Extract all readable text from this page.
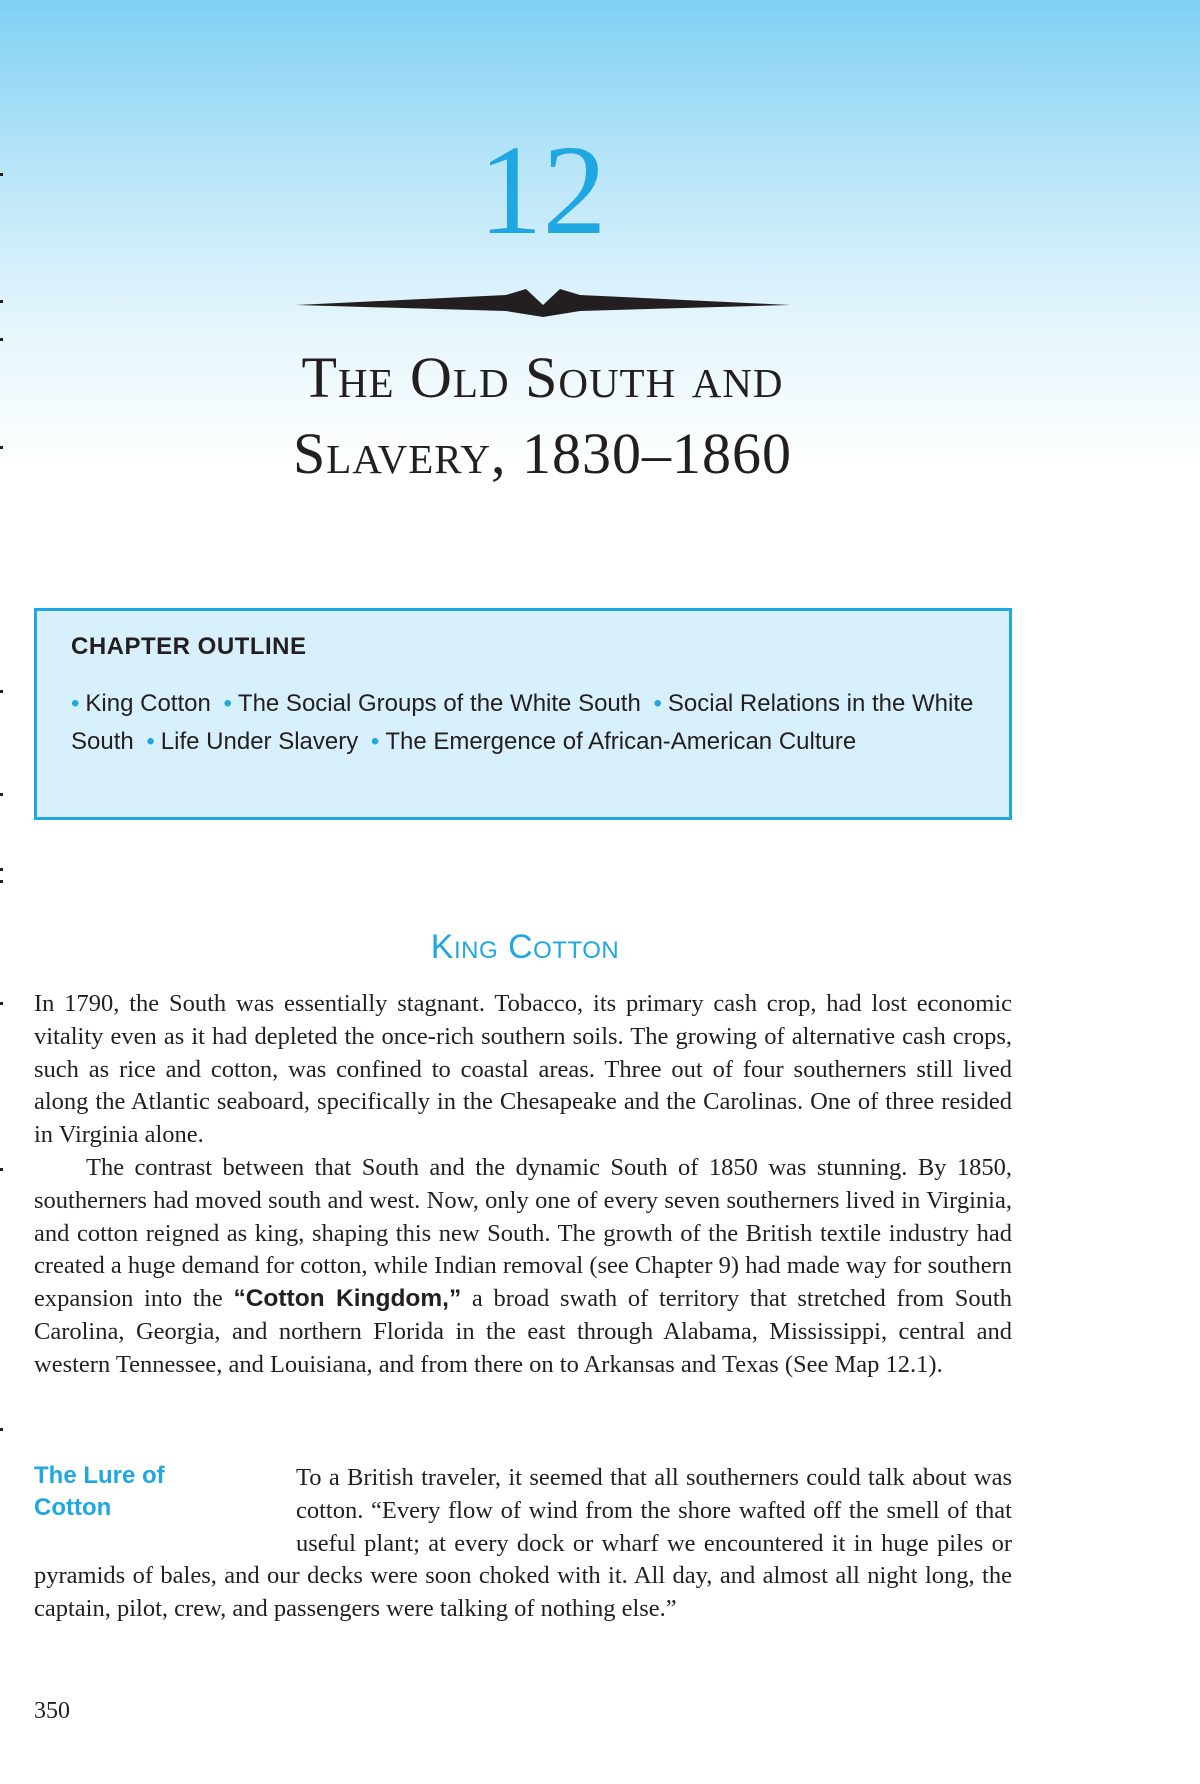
12
The Old South and
Slavery, 1830–1860
CHAPTER OUTLINE
• King Cotton • The Social Groups of the White South • Social Relations in the White South • Life Under Slavery • The Emergence of African-American Culture
King Cotton

In 1790, the South was essentially stagnant. Tobacco, its primary cash crop, had lost economic vitality even as it had depleted the once-rich southern soils. The growing of alternative cash crops, such as rice and cotton, was confined to coastal areas. Three out of four southerners still lived along the Atlantic seaboard, specifically in the Chesapeake and the Carolinas. One of three resided in Virginia alone.

The contrast between that South and the dynamic South of 1850 was stunning. By 1850, southerners had moved south and west. Now, only one of every seven southerners lived in Virginia, and cotton reigned as king, shaping this new South. The growth of the British textile industry had created a huge demand for cotton, while Indian removal (see Chapter 9) had made way for southern expansion into the “Cotton Kingdom,” a broad swath of territory that stretched from South Carolina, Georgia, and northern Florida in the east through Alabama, Mississippi, central and western Tennessee, and Louisiana, and from there on to Arkansas and Texas (See Map 12.1).

The Lure of Cotton

To a British traveler, it seemed that all southerners could talk about was cotton. “Every flow of wind from the shore wafted off the smell of that useful plant; at every dock or wharf we encountered it in huge piles or pyramids of bales, and our decks were soon choked with it. All day, and almost all night long, the captain, pilot, crew, and passengers were talking of nothing else.”

350
